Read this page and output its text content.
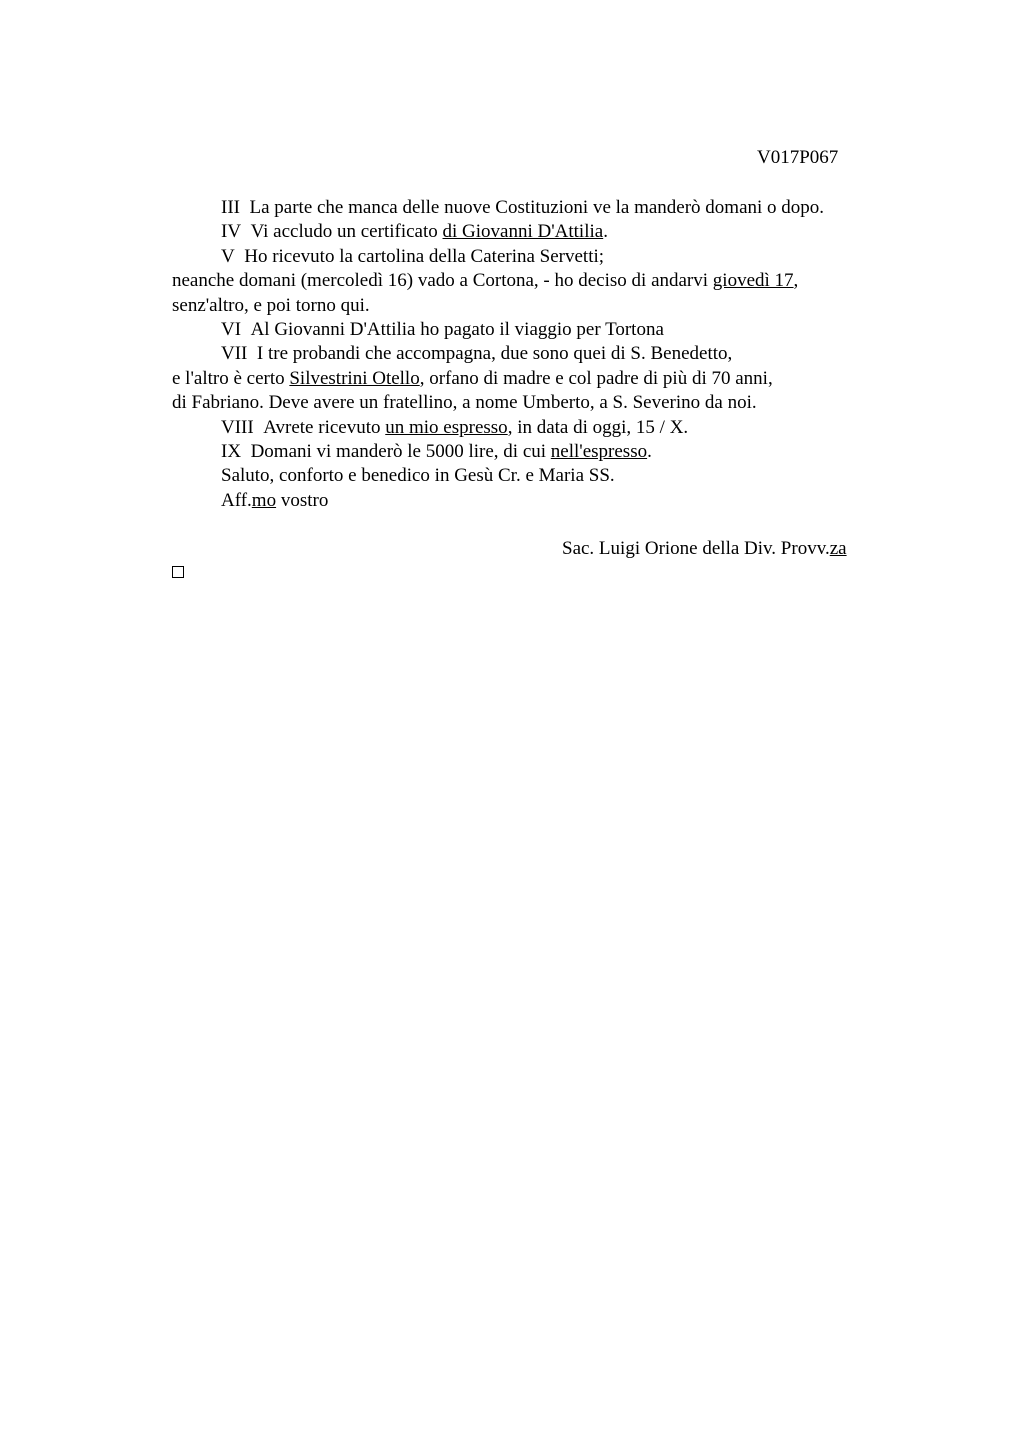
V017P067
III La parte che manca delle nuove Costituzioni ve la manderò domani o dopo.
IV Vi accludo un certificato di Giovanni D'Attilia.
V Ho ricevuto la cartolina della Caterina Servetti;
neanche domani (mercoledì 16) vado a Cortona, - ho deciso di andarvi giovedì 17,
senz'altro, e poi torno qui.
VI Al Giovanni D'Attilia ho pagato il viaggio per Tortona
VII I tre probandi che accompagna, due sono quei di S. Benedetto,
e l'altro è certo Silvestrini Otello, orfano di madre e col padre di più di 70 anni,
di Fabriano. Deve avere un fratellino, a nome Umberto, a S. Severino da noi.
VIII Avrete ricevuto un mio espresso, in data di oggi, 15 / X.
IX Domani vi manderò le 5000 lire, di cui nell'espresso.
Saluto, conforto e benedico in Gesù Cr. e Maria SS.
Aff.mo vostro
Sac. Luigi Orione della Div. Provv.za
